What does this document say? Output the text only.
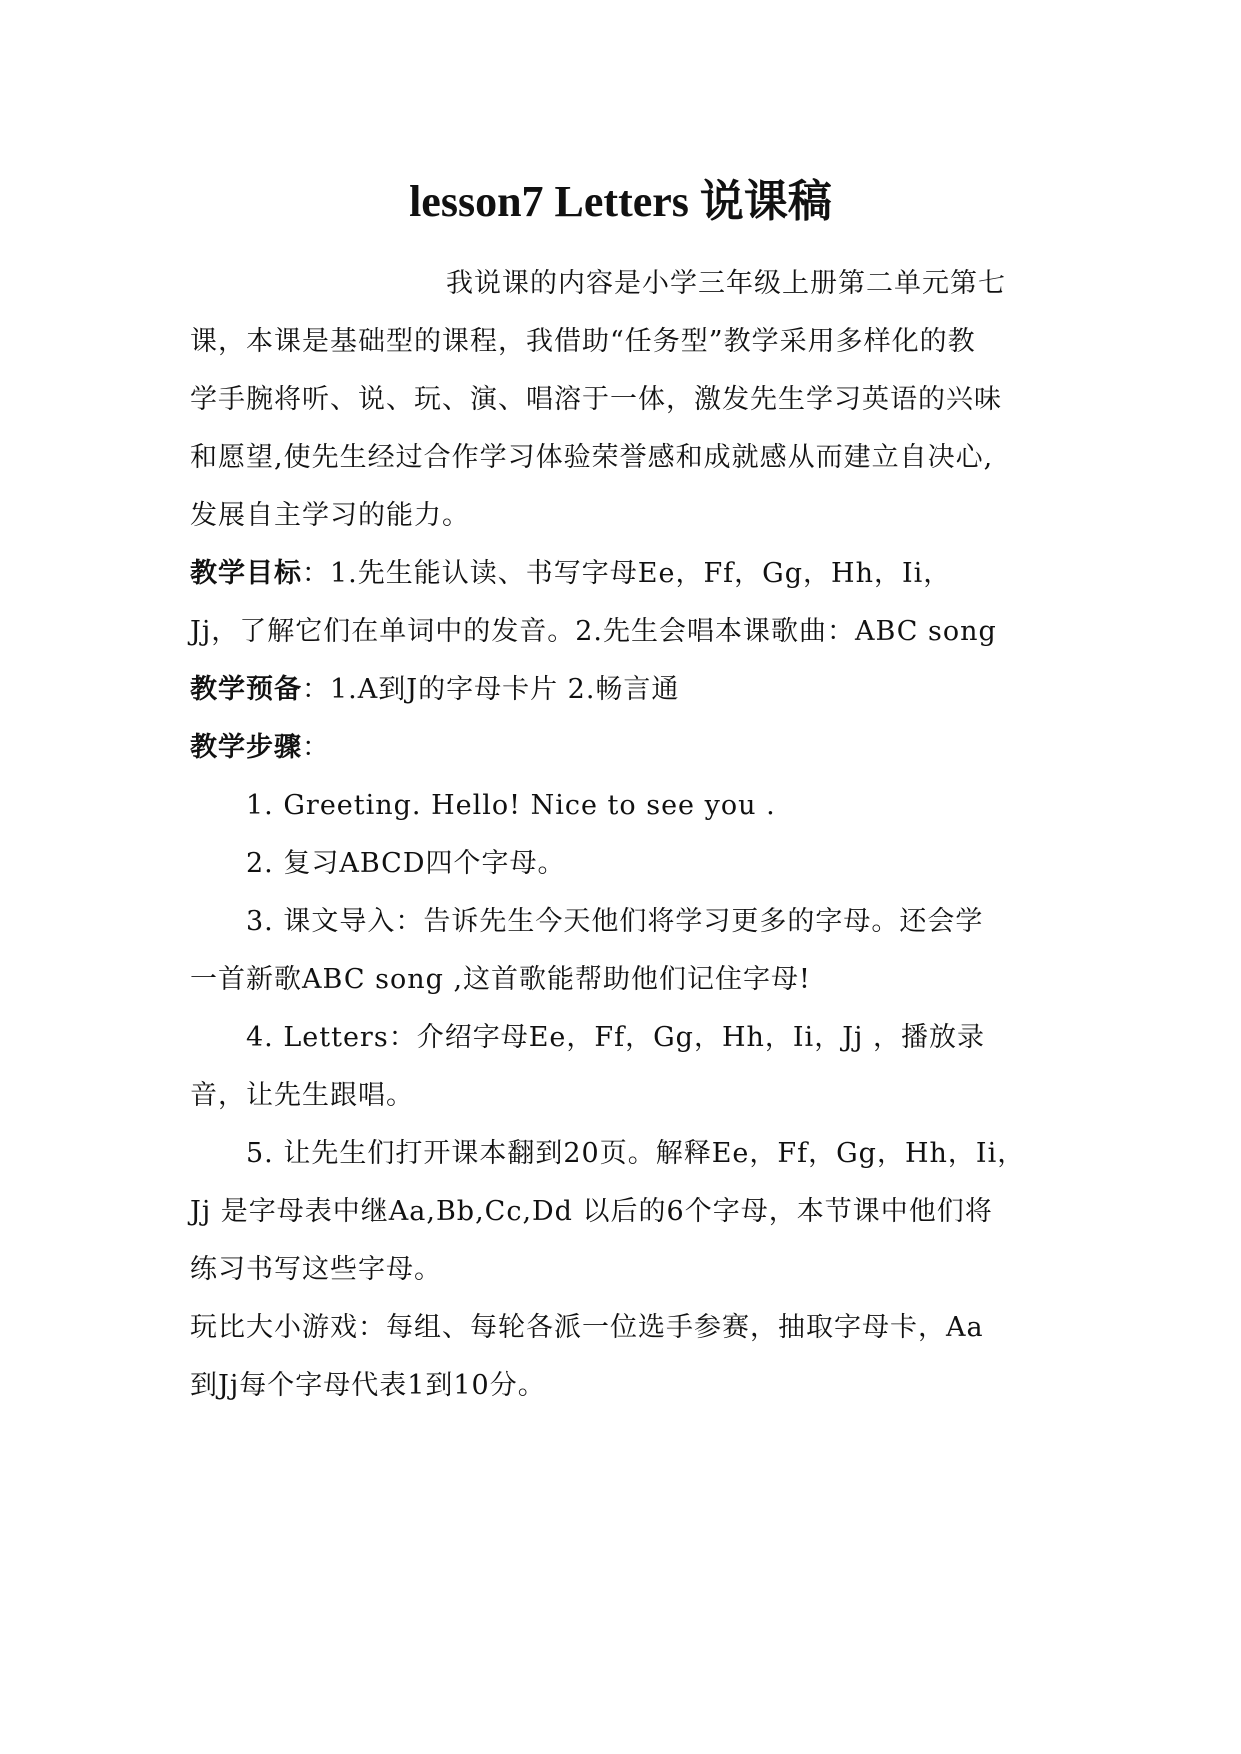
lesson7 Letters 说课稿
我说课的内容是小学三年级上册第二单元第七
课，本课是基础型的课程，我借助“任务型”教学采用多样化的教
学手腕将听、说、玩、演、唱溶于一体，激发先生学习英语的兴味
和愿望,使先生经过合作学习体验荣誉感和成就感从而建立自决心,
发展自主学习的能力。
教学目标：1.先生能认读、书写字母Ee，Ff，Gg，Hh，Ii，
Jj，了解它们在单词中的发音。2.先生会唱本课歌曲：ABC song
教学预备：1.A到J的字母卡片 2.畅言通
教学步骤：
1. Greeting. Hello! Nice to see you .
2. 复习ABCD四个字母。
3. 课文导入：告诉先生今天他们将学习更多的字母。还会学
一首新歌ABC song ,这首歌能帮助他们记住字母!
4. Letters：介绍字母Ee，Ff，Gg，Hh，Ii，Jj ，播放录
音，让先生跟唱。
5. 让先生们打开课本翻到20页。解释Ee，Ff，Gg，Hh，Ii，
Jj 是字母表中继Aa,Bb,Cc,Dd 以后的6个字母，本节课中他们将
练习书写这些字母。
玩比大小游戏：每组、每轮各派一位选手参赛，抽取字母卡，Aa
到Jj每个字母代表1到10分。
